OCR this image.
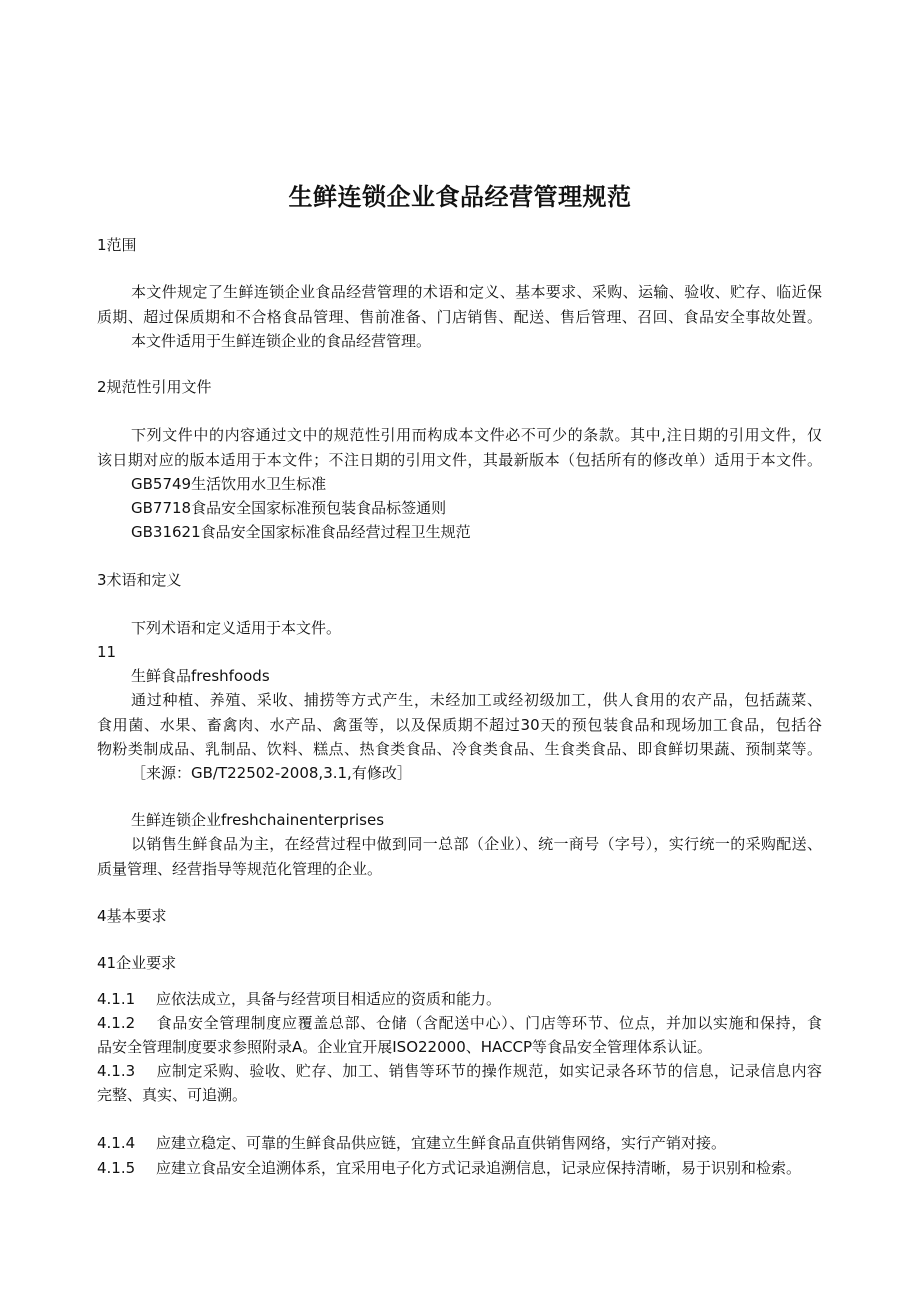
生鲜连锁企业食品经营管理规范
1范围
本文件规定了生鲜连锁企业食品经营管理的术语和定义、基本要求、采购、运输、验收、贮存、临近保
质期、超过保质期和不合格食品管理、售前准备、门店销售、配送、售后管理、召回、食品安全事故处置。
本文件适用于生鲜连锁企业的食品经营管理。
2规范性引用文件
下列文件中的内容通过文中的规范性引用而构成本文件必不可少的条款。其中,注日期的引用文件，仅
该日期对应的版本适用于本文件；不注日期的引用文件，其最新版本（包括所有的修改单）适用于本文件。
GB5749生活饮用水卫生标准
GB7718食品安全国家标准预包装食品标签通则
GB31621食品安全国家标准食品经营过程卫生规范
3术语和定义
下列术语和定义适用于本文件。
11
生鲜食品freshfoods
通过种植、养殖、采收、捕捞等方式产生，未经加工或经初级加工，供人食用的农产品，包括蔬菜、
食用菌、水果、畜禽肉、水产品、禽蛋等，以及保质期不超过30天的预包装食品和现场加工食品，包括谷
物粉类制成品、乳制品、饮料、糕点、热食类食品、冷食类食品、生食类食品、即食鲜切果蔬、预制菜等。
［来源：GB/T22502-2008,3.1,有修改］
生鲜连锁企业freshchainenterprises
以销售生鲜食品为主，在经营过程中做到同一总部（企业）、统一商号（字号），实行统一的采购配送、
质量管理、经营指导等规范化管理的企业。
4基本要求
41企业要求
4.1.1 应依法成立，具备与经营项目相适应的资质和能力。
4.1.2 食品安全管理制度应覆盖总部、仓储（含配送中心）、门店等环节、位点，并加以实施和保持，食
品安全管理制度要求参照附录A。企业宜开展ISO22000、HACCP等食品安全管理体系认证。
4.1.3 应制定采购、验收、贮存、加工、销售等环节的操作规范，如实记录各环节的信息，记录信息内容
完整、真实、可追溯。
4.1.4 应建立稳定、可靠的生鲜食品供应链，宜建立生鲜食品直供销售网络，实行产销对接。
4.1.5 应建立食品安全追溯体系，宜采用电子化方式记录追溯信息，记录应保持清晰，易于识别和检索。
